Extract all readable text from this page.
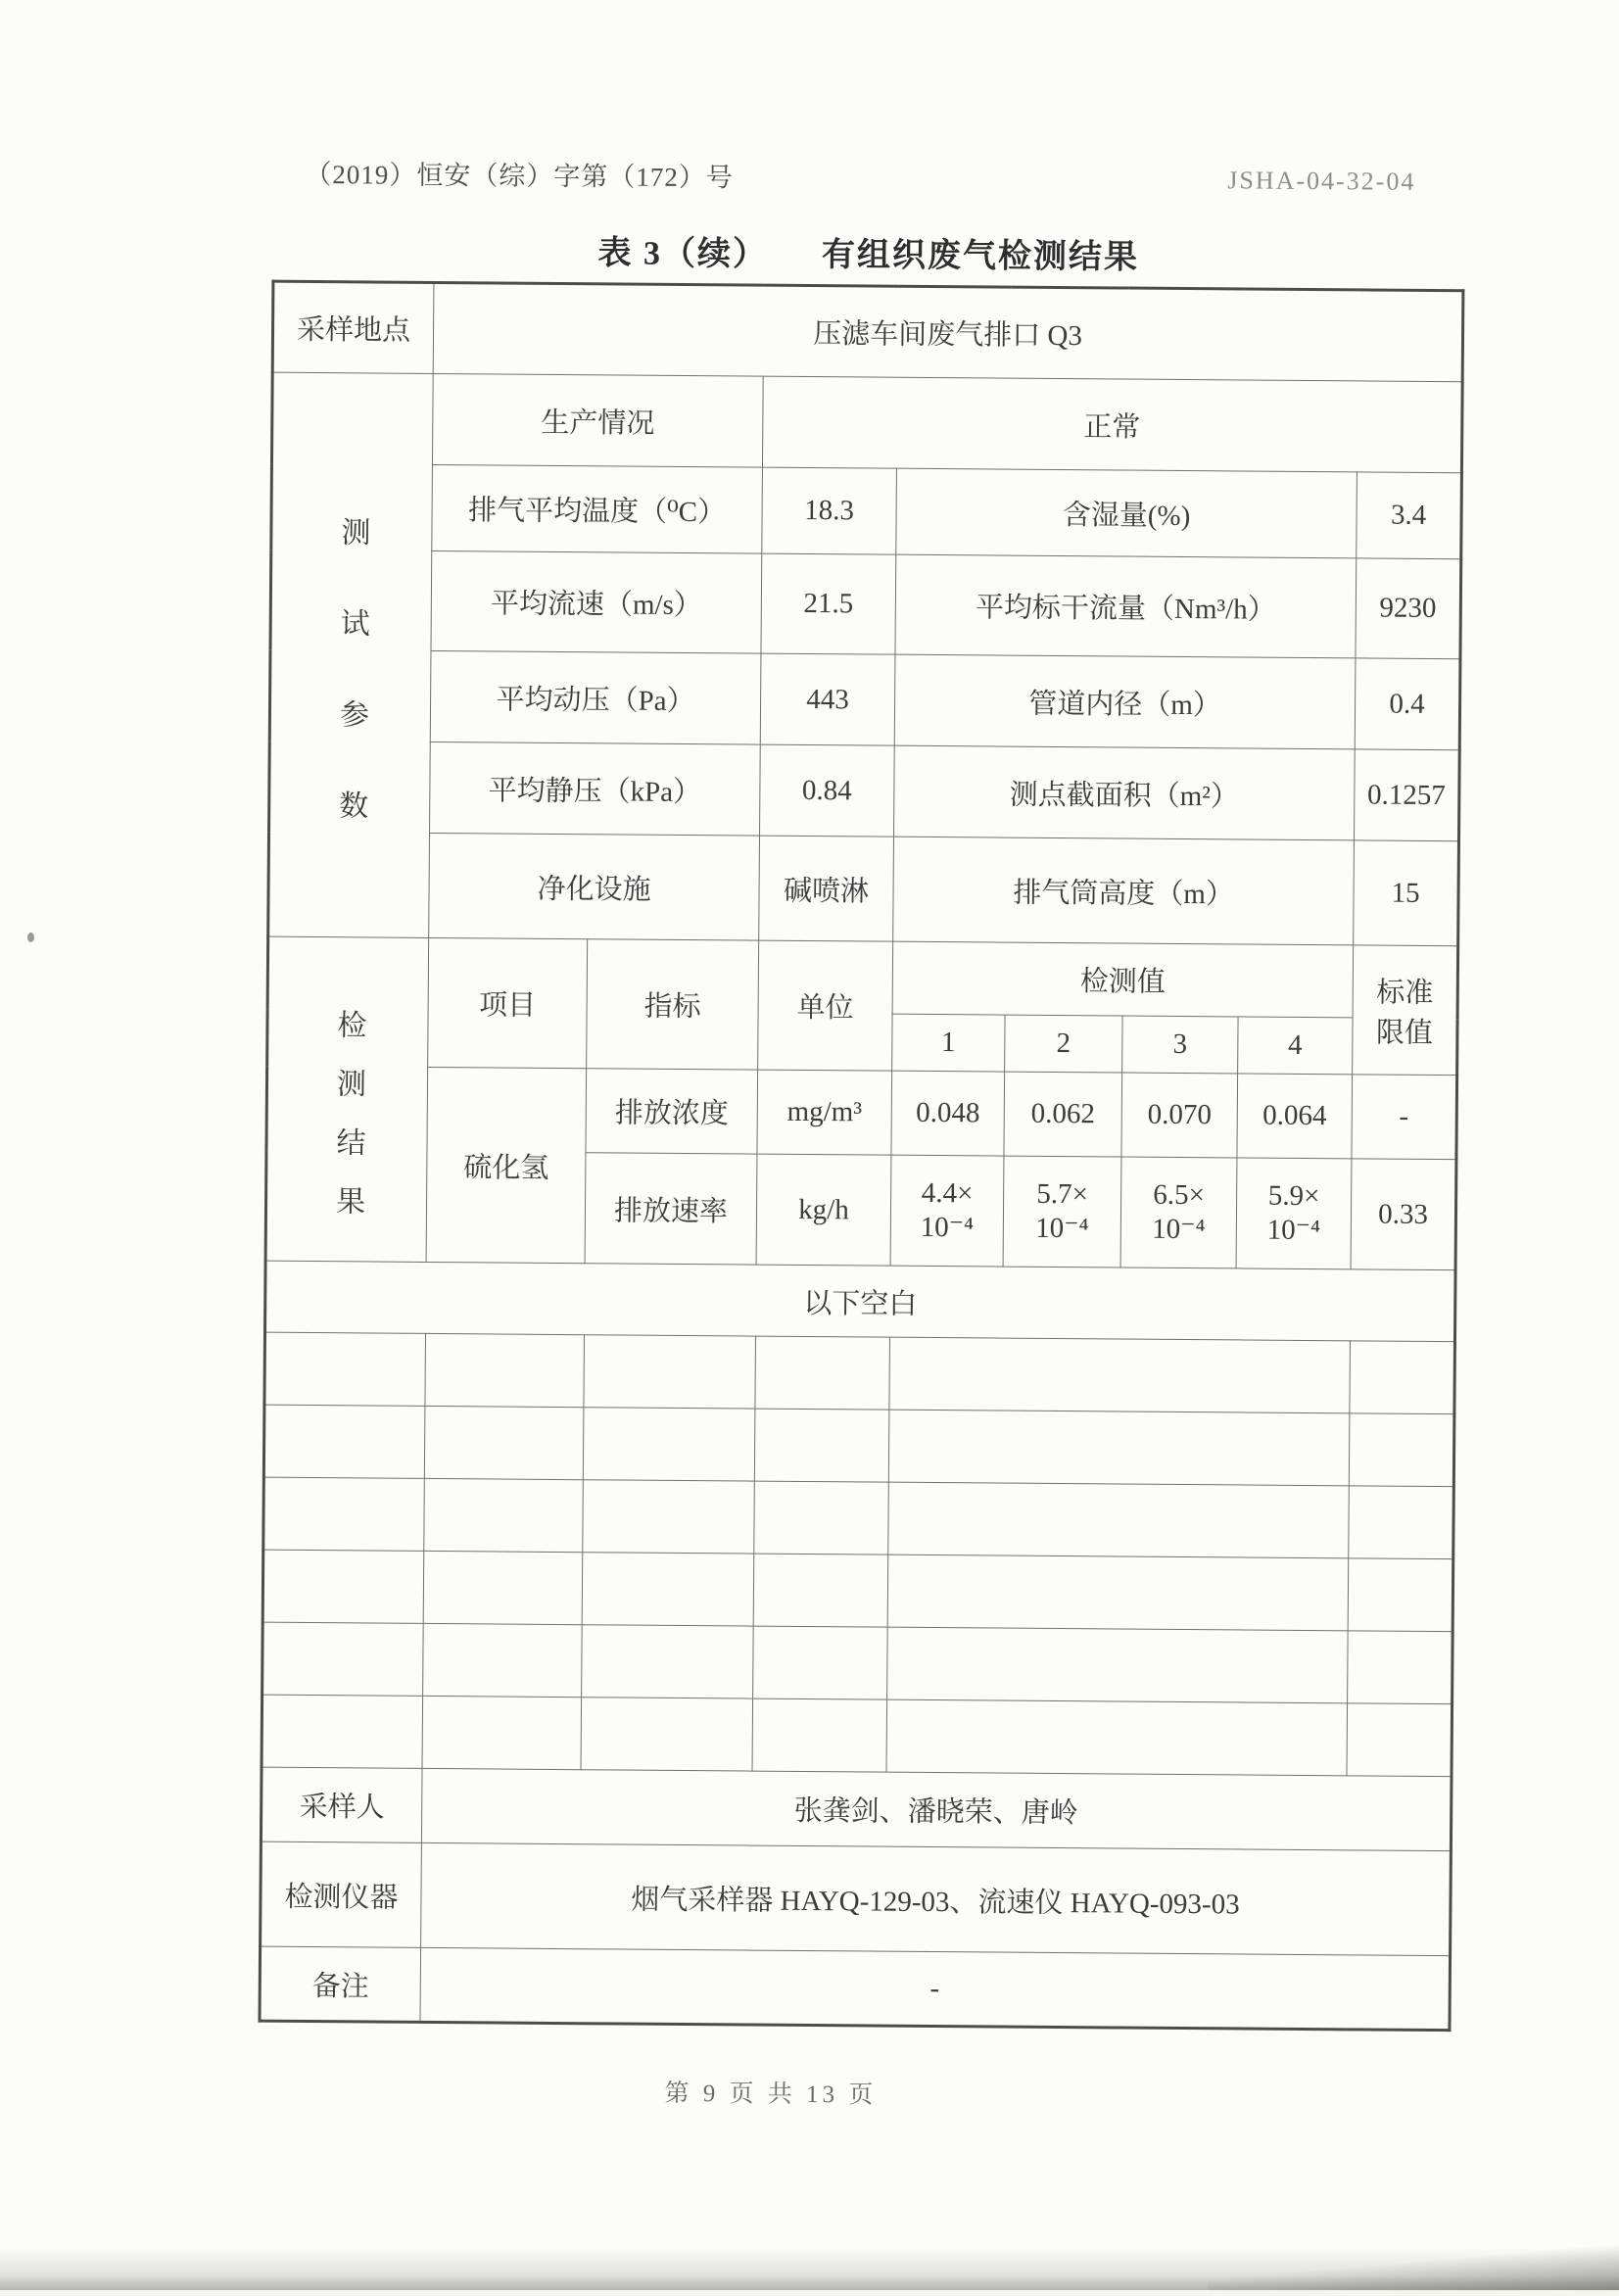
（2019）恒安（综）字第（172）号	JSHA-04-32-04
表 3（续）　　有组织废气检测结果
采样地点	压滤车间废气排口 Q3							

测试参数	生产情况		正常					
	排气平均温度（⁰C）		18.3	含湿量(%)				3.4
	平均流速（m/s）		21.5	平均标干流量（Nm³/h）				9230
	平均动压（Pa）		443	管道内径（m）				0.4
	平均静压（kPa）		0.84	测点截面积（m²）				0.1257
	净化设施		碱喷淋	排气筒高度（m）				15

检测结果	项目	指标	单位	检测值				标准
限值
				1	2	3	4	
	硫化氢	排放浓度	mg/m³	0.048	0.062	0.070	0.064	-
		排放速率	kg/h	4.4×
10⁻⁴	5.7×
10⁻⁴	6.5×
10⁻⁴	5.9×
10⁻⁴	0.33
以下空白								

采样人	张龚剑、潘晓荣、唐岭							
检测仪器	烟气采样器 HAYQ-129-03、流速仪 HAYQ-093-03							
备注	-							
第 9 页 共 13 页
